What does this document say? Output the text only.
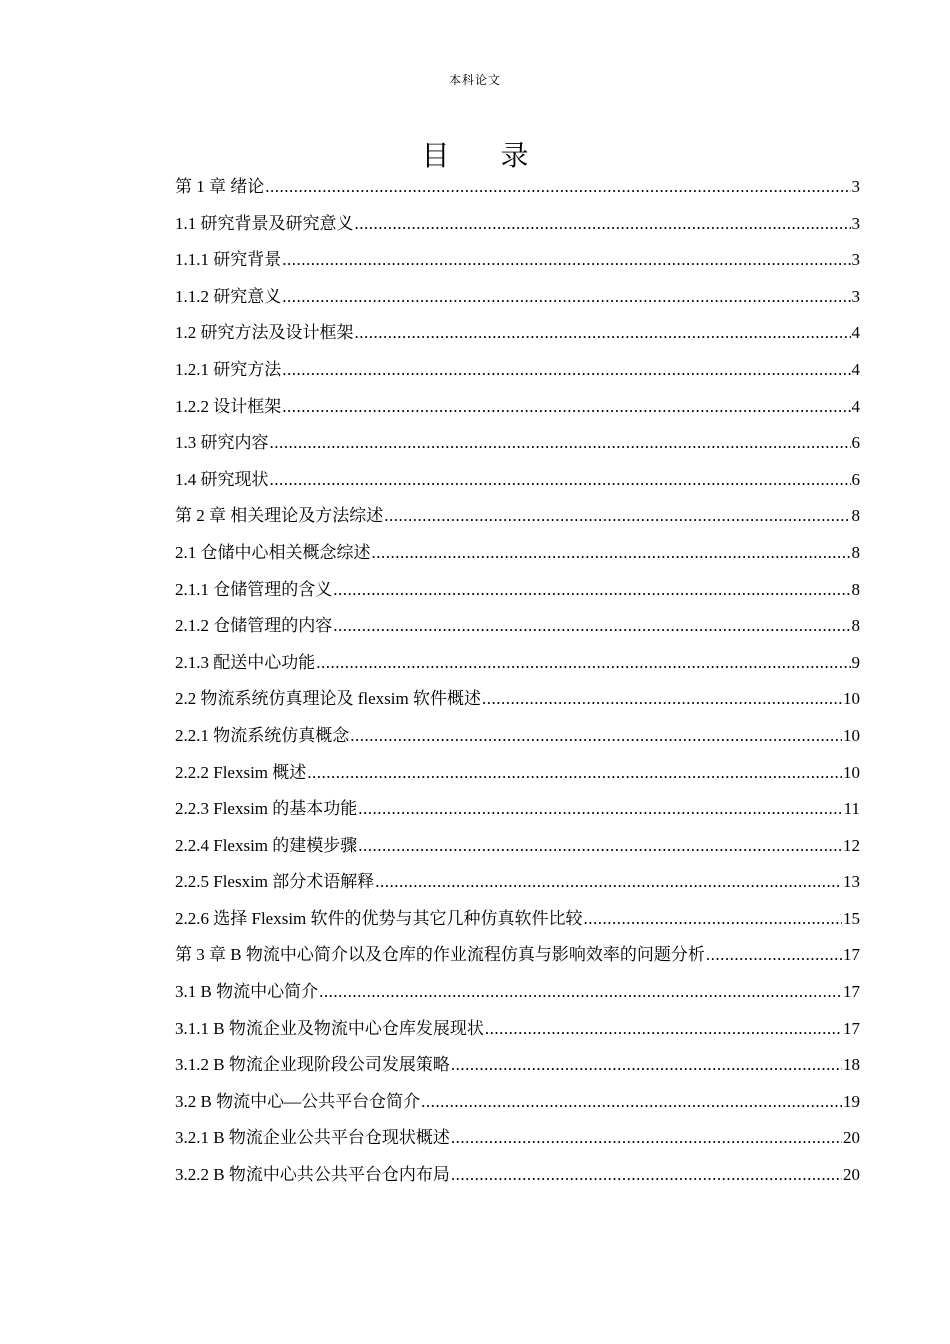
本科论文
目 录
第 1 章 绪论 .....	3
1.1 研究背景及研究意义 .....	3
1.1.1 研究背景 .....	3
1.1.2 研究意义 .....	3
1.2 研究方法及设计框架 .....	4
1.2.1 研究方法 .....	4
1.2.2 设计框架 .....	4
1.3 研究内容 .....	6
1.4 研究现状 .....	6
第 2 章 相关理论及方法综述 .....	8
2.1 仓储中心相关概念综述 .....	8
2.1.1 仓储管理的含义 .....	8
2.1.2 仓储管理的内容 .....	8
2.1.3 配送中心功能 .....	9
2.2 物流系统仿真理论及 flexsim 软件概述 .....	10
2.2.1 物流系统仿真概念 .....	10
2.2.2 Flexsim 概述 .....	10
2.2.3 Flexsim 的基本功能 .....	11
2.2.4 Flexsim 的建模步骤 .....	12
2.2.5 Flesxim 部分术语解释 .....	13
2.2.6 选择 Flexsim 软件的优势与其它几种仿真软件比较 .....	15
第 3 章 B 物流中心简介以及仓库的作业流程仿真与影响效率的问题分析 .....	17
3.1 B 物流中心简介 .....	17
3.1.1 B 物流企业及物流中心仓库发展现状 .....	17
3.1.2 B 物流企业现阶段公司发展策略 .....	18
3.2 B 物流中心—公共平台仓简介 .....	19
3.2.1 B 物流企业公共平台仓现状概述 .....	20
3.2.2 B 物流中心共公共平台仓内布局 .....	20
